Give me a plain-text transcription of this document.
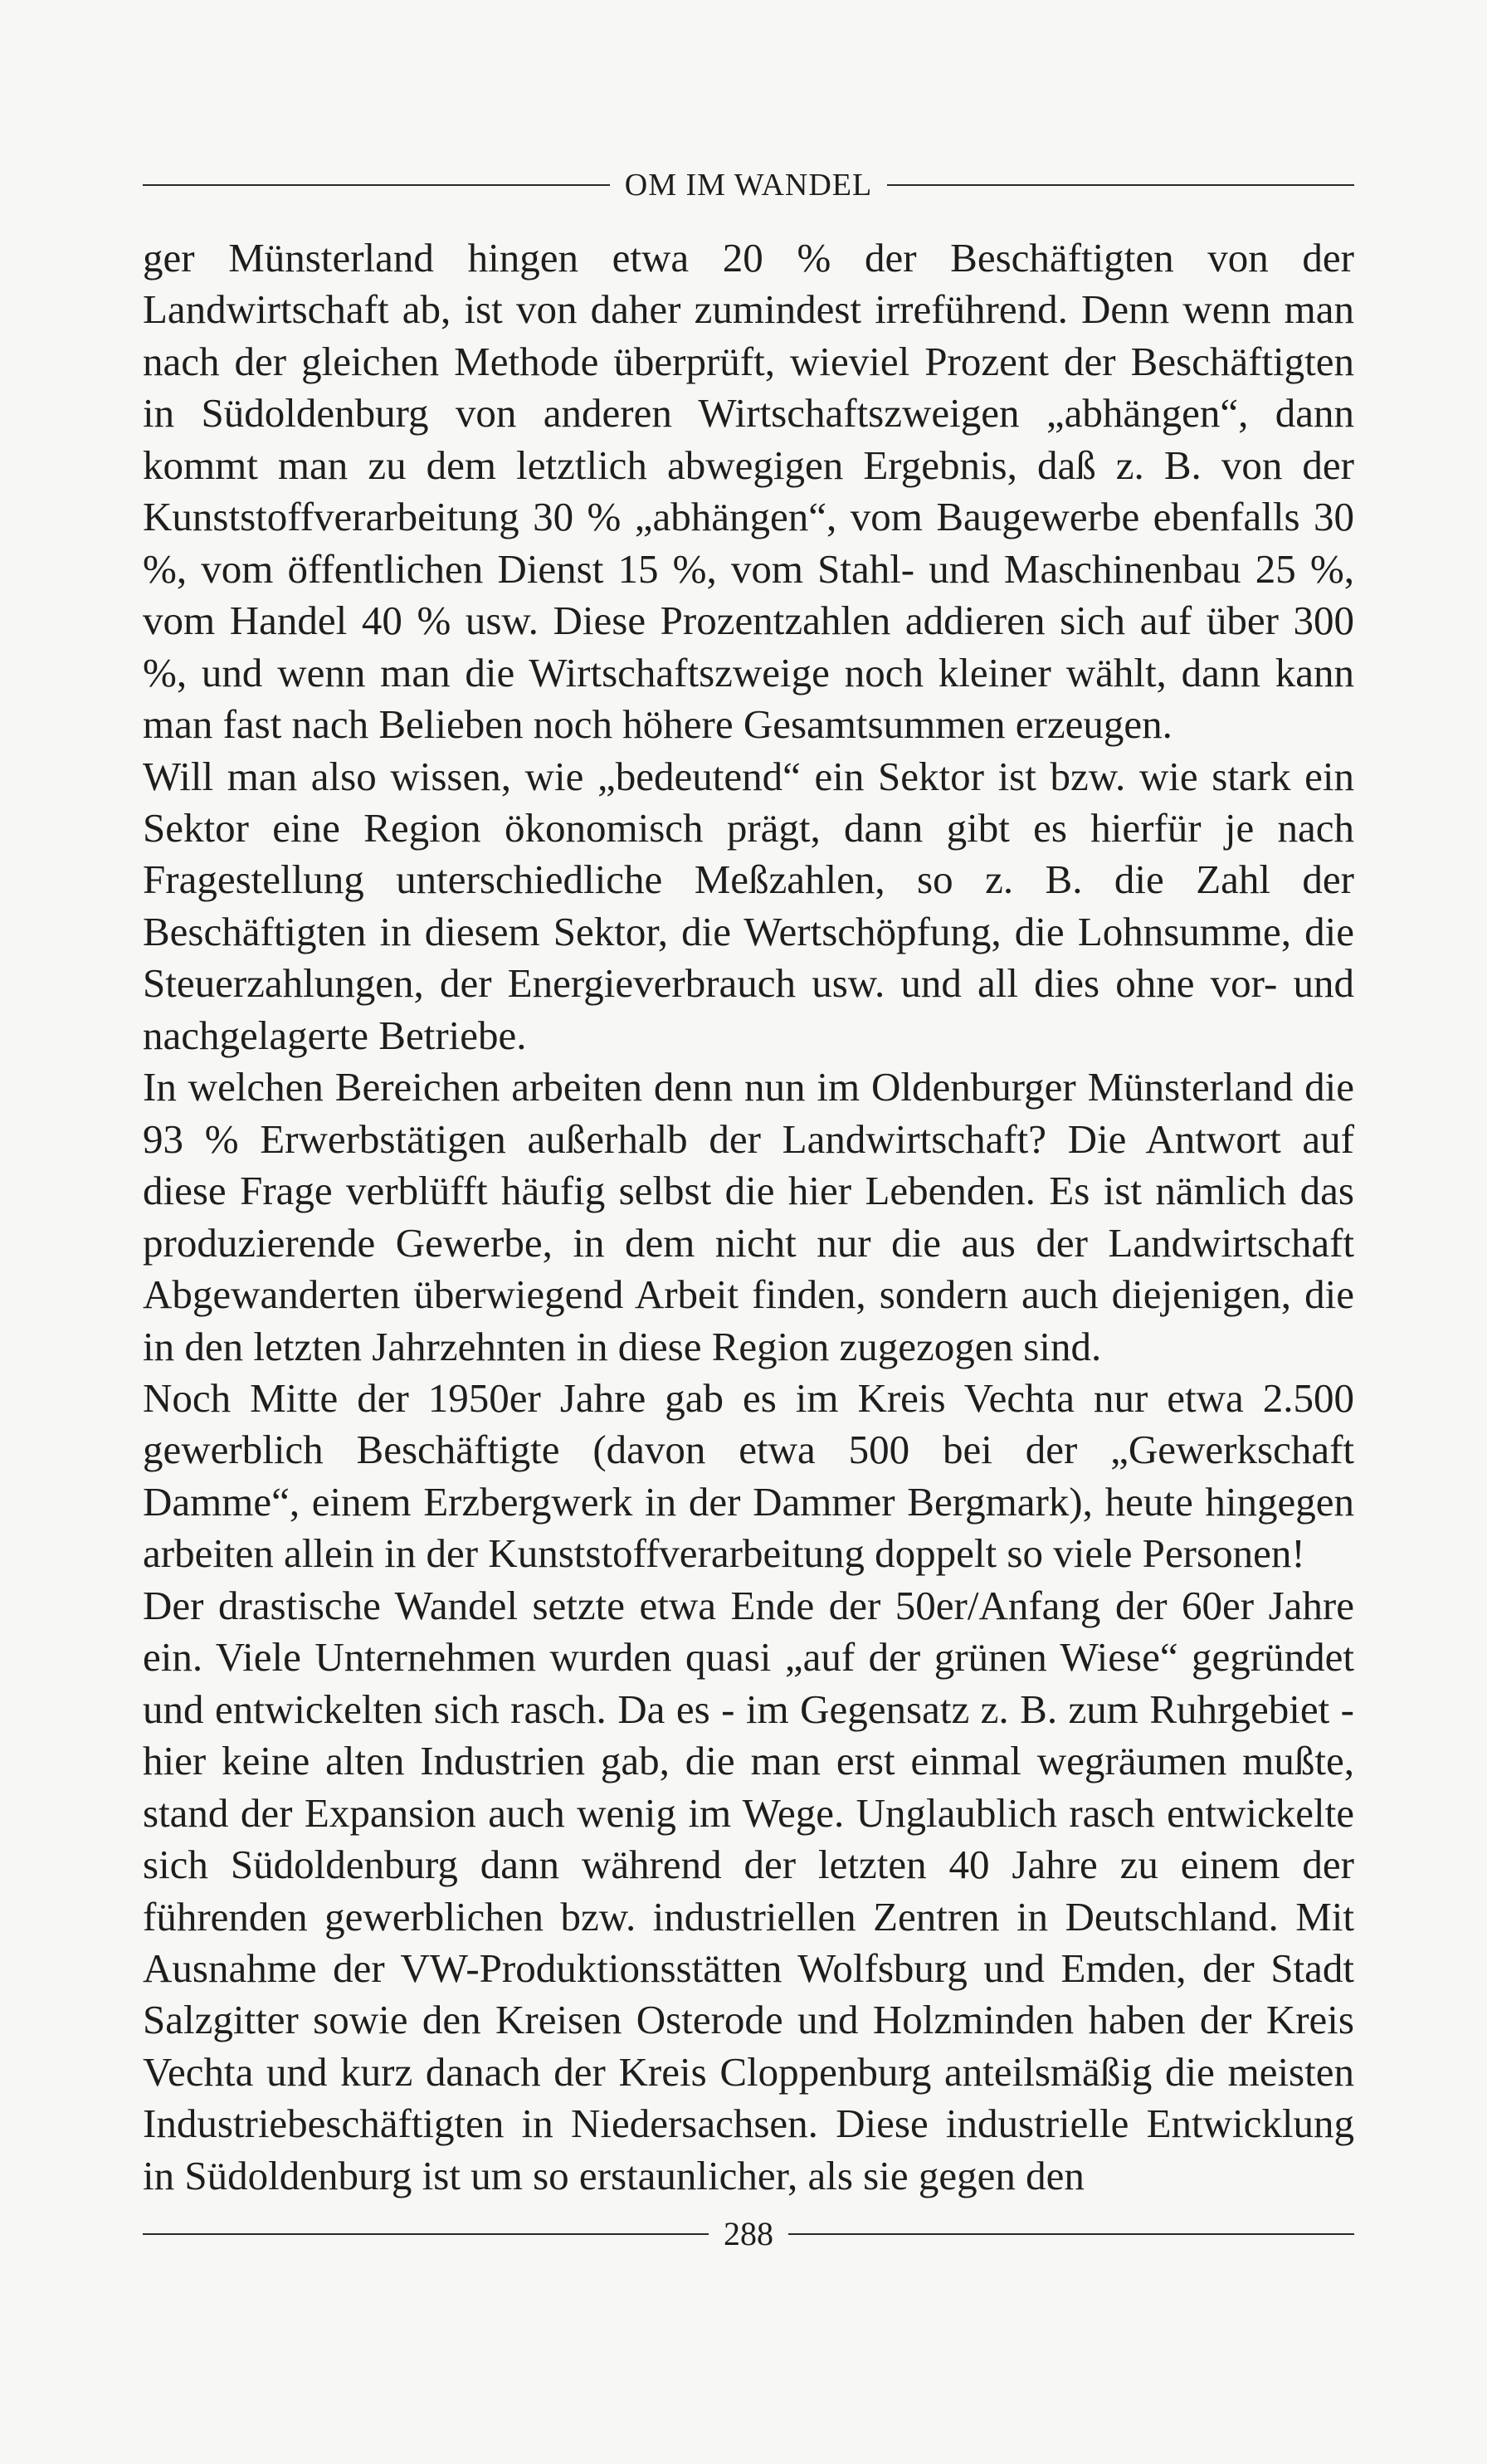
OM IM WANDEL

ger Münsterland hingen etwa 20 % der Beschäftigten von der Landwirtschaft ab, ist von daher zumindest irreführend. Denn wenn man nach der gleichen Methode überprüft, wieviel Prozent der Beschäftigten in Südoldenburg von anderen Wirtschaftszweigen „abhängen“, dann kommt man zu dem letztlich abwegigen Ergebnis, daß z. B. von der Kunststoffverarbeitung 30 % „abhängen“, vom Baugewerbe ebenfalls 30 %, vom öffentlichen Dienst 15 %, vom Stahl- und Maschinenbau 25 %, vom Handel 40 % usw. Diese Prozentzahlen addieren sich auf über 300 %, und wenn man die Wirtschaftszweige noch kleiner wählt, dann kann man fast nach Belieben noch höhere Gesamtsummen erzeugen.

Will man also wissen, wie „bedeutend“ ein Sektor ist bzw. wie stark ein Sektor eine Region ökonomisch prägt, dann gibt es hierfür je nach Fragestellung unterschiedliche Meßzahlen, so z. B. die Zahl der Beschäftigten in diesem Sektor, die Wertschöpfung, die Lohnsumme, die Steuerzahlungen, der Energieverbrauch usw. und all dies ohne vor- und nachgelagerte Betriebe.

In welchen Bereichen arbeiten denn nun im Oldenburger Münsterland die 93 % Erwerbstätigen außerhalb der Landwirtschaft? Die Antwort auf diese Frage verblüfft häufig selbst die hier Lebenden. Es ist nämlich das produzierende Gewerbe, in dem nicht nur die aus der Landwirtschaft Abgewanderten überwiegend Arbeit finden, sondern auch diejenigen, die in den letzten Jahrzehnten in diese Region zugezogen sind.

Noch Mitte der 1950er Jahre gab es im Kreis Vechta nur etwa 2.500 gewerblich Beschäftigte (davon etwa 500 bei der „Gewerkschaft Damme“, einem Erzbergwerk in der Dammer Bergmark), heute hingegen arbeiten allein in der Kunststoffverarbeitung doppelt so viele Personen!

Der drastische Wandel setzte etwa Ende der 50er/Anfang der 60er Jahre ein. Viele Unternehmen wurden quasi „auf der grünen Wiese“ gegründet und entwickelten sich rasch. Da es - im Gegensatz z. B. zum Ruhrgebiet - hier keine alten Industrien gab, die man erst einmal wegräumen mußte, stand der Expansion auch wenig im Wege. Unglaublich rasch entwickelte sich Südoldenburg dann während der letzten 40 Jahre zu einem der führenden gewerblichen bzw. industriellen Zentren in Deutschland. Mit Ausnahme der VW-Produktionsstätten Wolfsburg und Emden, der Stadt Salzgitter sowie den Kreisen Osterode und Holzminden haben der Kreis Vechta und kurz danach der Kreis Cloppenburg anteilsmäßig die meisten Industriebeschäftigten in Niedersachsen. Diese industrielle Entwicklung in Südoldenburg ist um so erstaunlicher, als sie gegen den

288
